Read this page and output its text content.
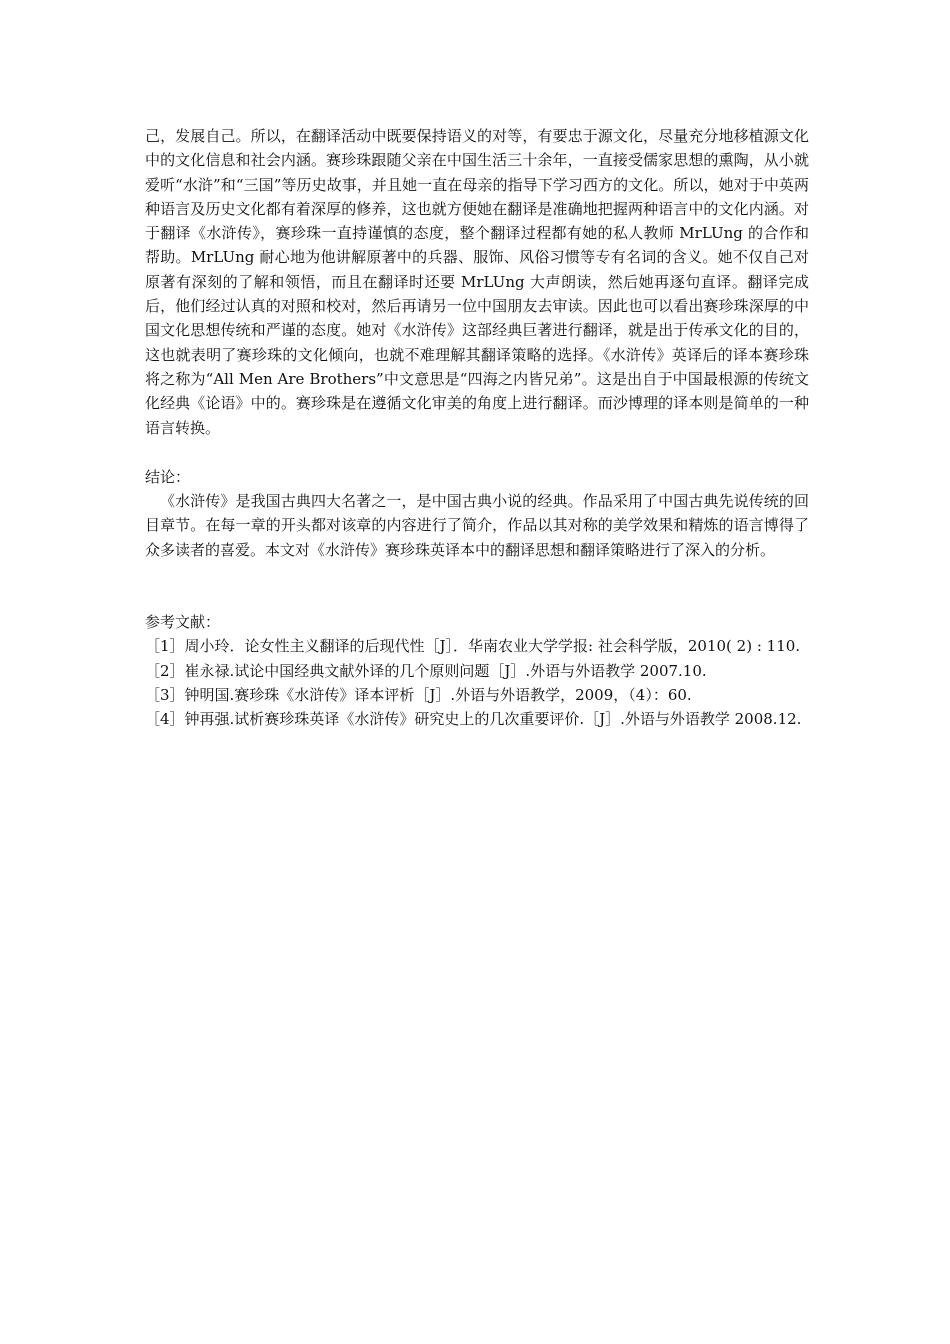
己，发展自己。所以，在翻译活动中既要保持语义的对等，有要忠于源文化，尽量充分地移植源文化中的文化信息和社会内涵。赛珍珠跟随父亲在中国生活三十余年，一直接受儒家思想的熏陶，从小就爱听“水浒”和“三国”等历史故事，并且她一直在母亲的指导下学习西方的文化。所以，她对于中英两种语言及历史文化都有着深厚的修养，这也就方便她在翻译是准确地把握两种语言中的文化内涵。对于翻译《水浒传》，赛珍珠一直持谨慎的态度，整个翻译过程都有她的私人教师 MrLUng 的合作和帮助。MrLUng 耐心地为他讲解原著中的兵器、服饰、风俗习惯等专有名词的含义。她不仅自己对原著有深刻的了解和领悟，而且在翻译时还要 MrLUng 大声朗读，然后她再逐句直译。翻译完成后，他们经过认真的对照和校对，然后再请另一位中国朋友去审读。因此也可以看出赛珍珠深厚的中国文化思想传统和严谨的态度。她对《水浒传》这部经典巨著进行翻译，就是出于传承文化的目的，这也就表明了赛珍珠的文化倾向，也就不难理解其翻译策略的选择。《水浒传》英译后的译本赛珍珠将之称为“All Men Are Brothers”中文意思是“四海之内皆兄弟”。这是出自于中国最根源的传统文化经典《论语》中的。赛珍珠是在遵循文化审美的角度上进行翻译。而沙博理的译本则是简单的一种语言转换。

结论：

《水浒传》是我国古典四大名著之一，是中国古典小说的经典。作品采用了中国古典先说传统的回目章节。在每一章的开头都对该章的内容进行了简介，作品以其对称的美学效果和精炼的语言博得了众多读者的喜爱。本文对《水浒传》赛珍珠英译本中的翻译思想和翻译策略进行了深入的分析。

参考文献：

［1］周小玲．论女性主义翻译的后现代性［J］．华南农业大学学报: 社会科学版，2010( 2) : 110.
［2］崔永禄.试论中国经典文献外译的几个原则问题［J］.外语与外语教学 2007.10.
［3］钟明国.赛珍珠《水浒传》译本评析［J］.外语与外语教学，2009，（4）：60.
［4］钟再强.试析赛珍珠英译《水浒传》研究史上的几次重要评价.［J］.外语与外语教学 2008.12.
